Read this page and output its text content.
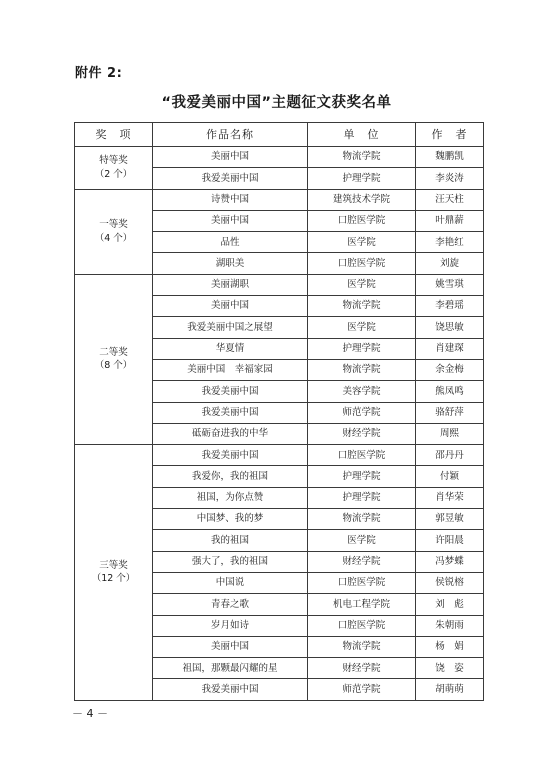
附件 2:
“我爱美丽中国”主题征文获奖名单
奖　项	作品名称	单　位	作　者

特等奖
（2 个）	美丽中国	物流学院	魏鹏凯
	我爱美丽中国	护理学院	李炎涛

一等奖
（4 个）	诗赞中国	建筑技术学院	汪天柱
	美丽中国	口腔医学院	叶鼎薪
	品性	医学院	李艳红
	湖职美	口腔医学院	刘旋

二等奖
（8 个）	美丽湖职	医学院	姚雪琪
	美丽中国	物流学院	李碧瑶
	我爱美丽中国之展望	医学院	饶思敏
	华夏情	护理学院	肖建琛
	美丽中国　幸福家园	物流学院	余金梅
	我爱美丽中国	美容学院	熊凤鸣
	我爱美丽中国	师范学院	骆舒萍
	砥砺奋进我的中华	财经学院	周熙

三等奖
（12 个）	我爱美丽中国	口腔医学院	邵丹丹
	我爱你，我的祖国	护理学院	付颖
	祖国，为你点赞	护理学院	肖华荣
	中国梦、我的梦	物流学院	郭昱敏
	我的祖国	医学院	许阳晨
	强大了，我的祖国	财经学院	冯梦蝶
	中国说	口腔医学院	侯锐榕
	青春之歌	机电工程学院	刘　彪
	岁月如诗	口腔医学院	朱朝雨
	美丽中国	物流学院	杨　娟
	祖国，那颗最闪耀的星	财经学院	饶　姿
	我爱美丽中国	师范学院	胡萌萌
－ 4 －
